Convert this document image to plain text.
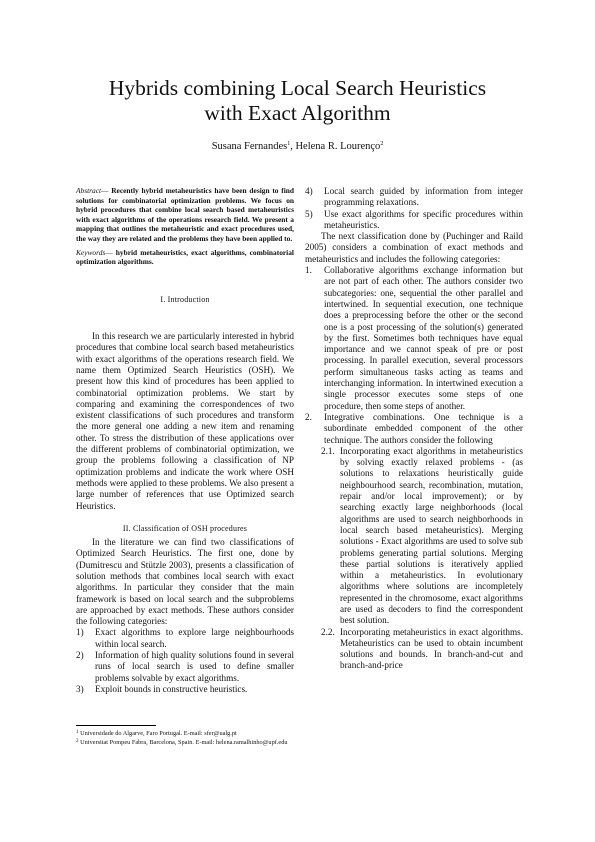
Hybrids combining Local Search Heuristics
with Exact Algorithm
Susana Fernandes$^1$, Helena R. Lourenço$^2$

Abstract— Recently hybrid metaheuristics have been design to find solutions for combinatorial optimization problems. We focus on hybrid procedures that combine local search based metaheuristics with exact algorithms of the operations research field. We present a mapping that outlines the metaheuristic and exact procedures used, the way they are related and the problems they have been applied to.

Keywords— hybrid metaheuristics, exact algorithms, combinatorial optimization algorithms.

I. Introduction

In this research we are particularly interested in hybrid procedures that combine local search based metaheuristics with exact algorithms of the operations research field. We name them Optimized Search Heuristics (OSH). We present how this kind of procedures has been applied to combinatorial optimization problems. We start by comparing and examining the correspondences of two existent classifications of such procedures and transform the more general one adding a new item and renaming other. To stress the distribution of these applications over the different problems of combinatorial optimization, we group the problems following a classification of NP optimization problems and indicate the work where OSH methods were applied to these problems. We also present a large number of references that use Optimized search Heuristics.

II. Classification of OSH procedures

In the literature we can find two classifications of Optimized Search Heuristics. The first one, done by (Dumitrescu and Stützle 2003), presents a classification of solution methods that combines local search with exact algorithms. In particular they consider that the main framework is based on local search and the subproblems are approached by exact methods. These authors consider the following categories:

1) Exact algorithms to explore large neighbourhoods within local search.
2) Information of high quality solutions found in several runs of local search is used to define smaller problems solvable by exact algorithms.
3) Exploit bounds in constructive heuristics.
$^1$ Universidade do Algarve, Faro Portugal. E-mail: sfer@ualg.pt
$^2$ Universitat Pompeu Fabra, Barcelona, Spain. E-mail: helena.ramalhinho@upf.edu
4) Local search guided by information from integer programming relaxations.
5) Use exact algorithms for specific procedures within metaheuristics.

The next classification done by (Puchinger and Raild 2005) considers a combination of exact methods and metaheuristics and includes the following categories:

1. Collaborative algorithms exchange information but are not part of each other. The authors consider two subcategories: one, sequential the other parallel and intertwined. In sequential execution, one technique does a preprocessing before the other or the second one is a post processing of the solution(s) generated by the first. Sometimes both techniques have equal importance and we cannot speak of pre or post processing. In parallel execution, several processors perform simultaneous tasks acting as teams and interchanging information. In intertwined execution a single processor executes some steps of one procedure, then some steps of another.
2. Integrative combinations. One technique is a subordinate embedded component of the other technique. The authors consider the following
2.1. Incorporating exact algorithms in metaheuristics by solving exactly relaxed problems - (as solutions to relaxations heuristically guide neighbourhood search, recombination, mutation, repair and/or local improvement); or by searching exactly large neighborhoods (local algorithms are used to search neighborhoods in local search based metaheuristics). Merging solutions - Exact algorithms are used to solve sub problems generating partial solutions. Merging these partial solutions is iteratively applied within a metaheuristics. In evolutionary algorithms where solutions are incompletely represented in the chromosome, exact algorithms are used as decoders to find the correspondent best solution.
2.2. Incorporating metaheuristics in exact algorithms. Metaheuristics can be used to obtain incumbent solutions and bounds. In branch-and-cut and branch-and-price
